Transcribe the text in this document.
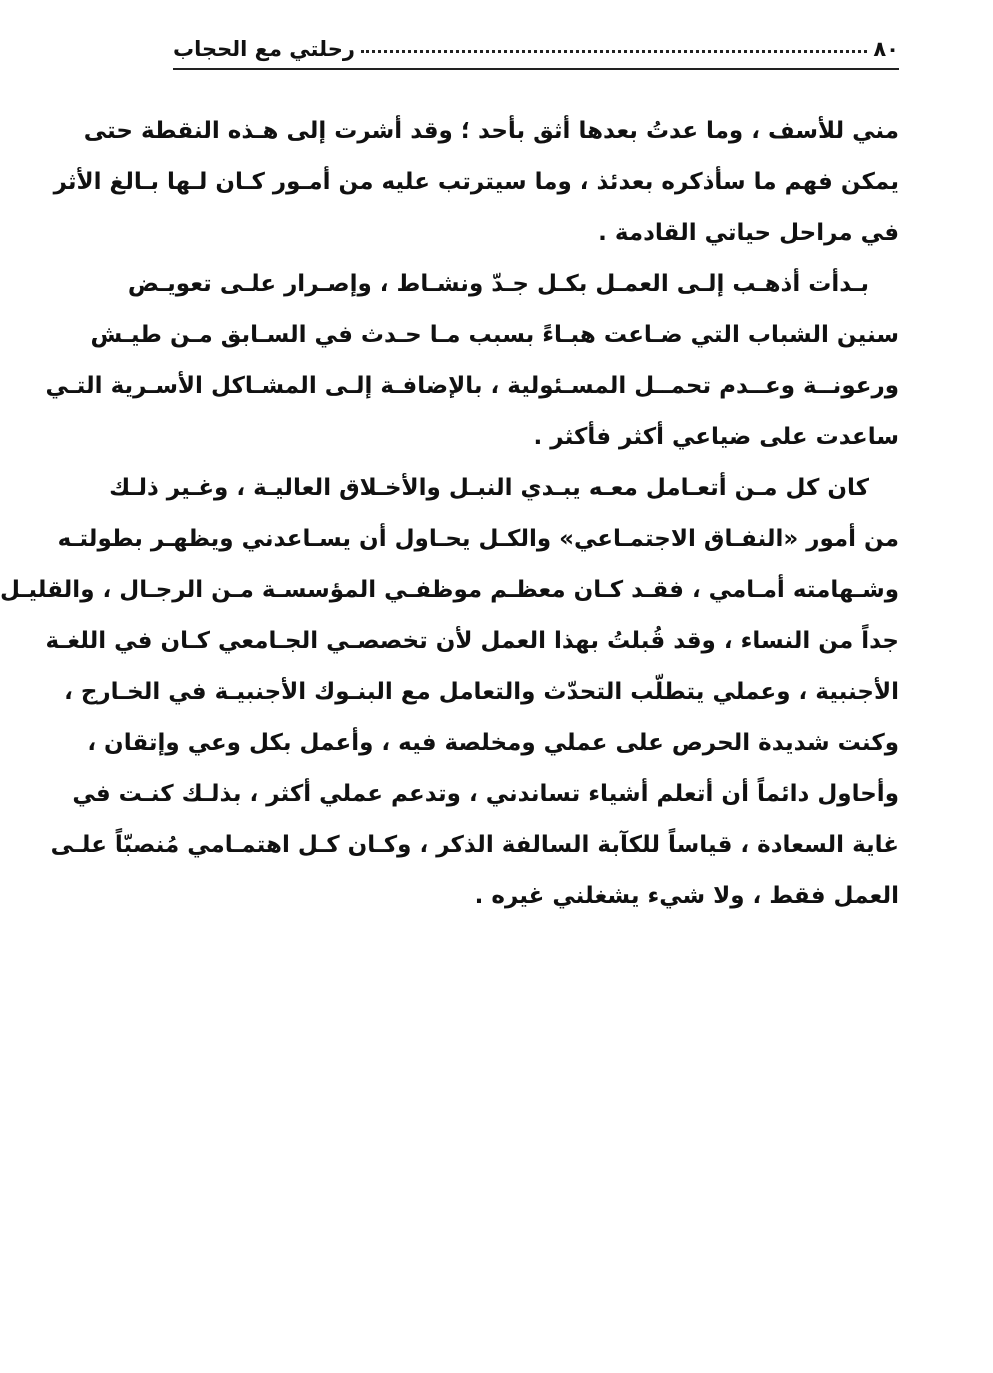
٨٠
رحلتي مع الحجاب

مني للأسف ، وما عدتُ بعدها أثق بأحد ؛ وقد أشرت إلى هـذه النقطة حتى
يمكن فهم ما سأذكره بعدئذ ، وما سيترتب عليه من أمـور كـان لـها بـالغ الأثر
في مراحل حياتي القادمة .

بـدأت أذهـب إلـى العمـل بكـل جـدّ ونشـاط ، وإصـرار علـى تعويـض
سنين الشباب التي ضـاعت هبـاءً بسبب مـا حـدث في السـابق مـن طيـش
ورعونــة وعــدم تحمــل المسـئولية ، بالإضافـة إلـى المشـاكل الأسـرية التـي
ساعدت على ضياعي أكثر فأكثر .

كان كل مـن أتعـامل معـه يبـدي النبـل والأخـلاق العاليـة ، وغـير ذلـك
من أمور «النفـاق الاجتمـاعي» والكـل يحـاول أن يسـاعدني ويظهـر بطولتـه
وشـهامته أمـامي ، فقـد كـان معظـم موظفـي المؤسسـة مـن الرجـال ، والقليـل
جداً من النساء ، وقد قُبلتُ بهذا العمل لأن تخصصـي الجـامعي كـان في اللغـة
الأجنبية ، وعملي يتطلّب التحدّث والتعامل مع البنـوك الأجنبيـة في الخـارج ،
وكنت شديدة الحرص على عملي ومخلصة فيه ، وأعمل بكل وعي وإتقان ،
وأحاول دائماً أن أتعلم أشياء تساندني ، وتدعم عملي أكثر ، بذلـك كنـت في
غاية السعادة ، قياساً للكآبة السالفة الذكر ، وكـان كـل اهتمـامي مُنصبّاً علـى
العمل فقط ، ولا شيء يشغلني غيره .
